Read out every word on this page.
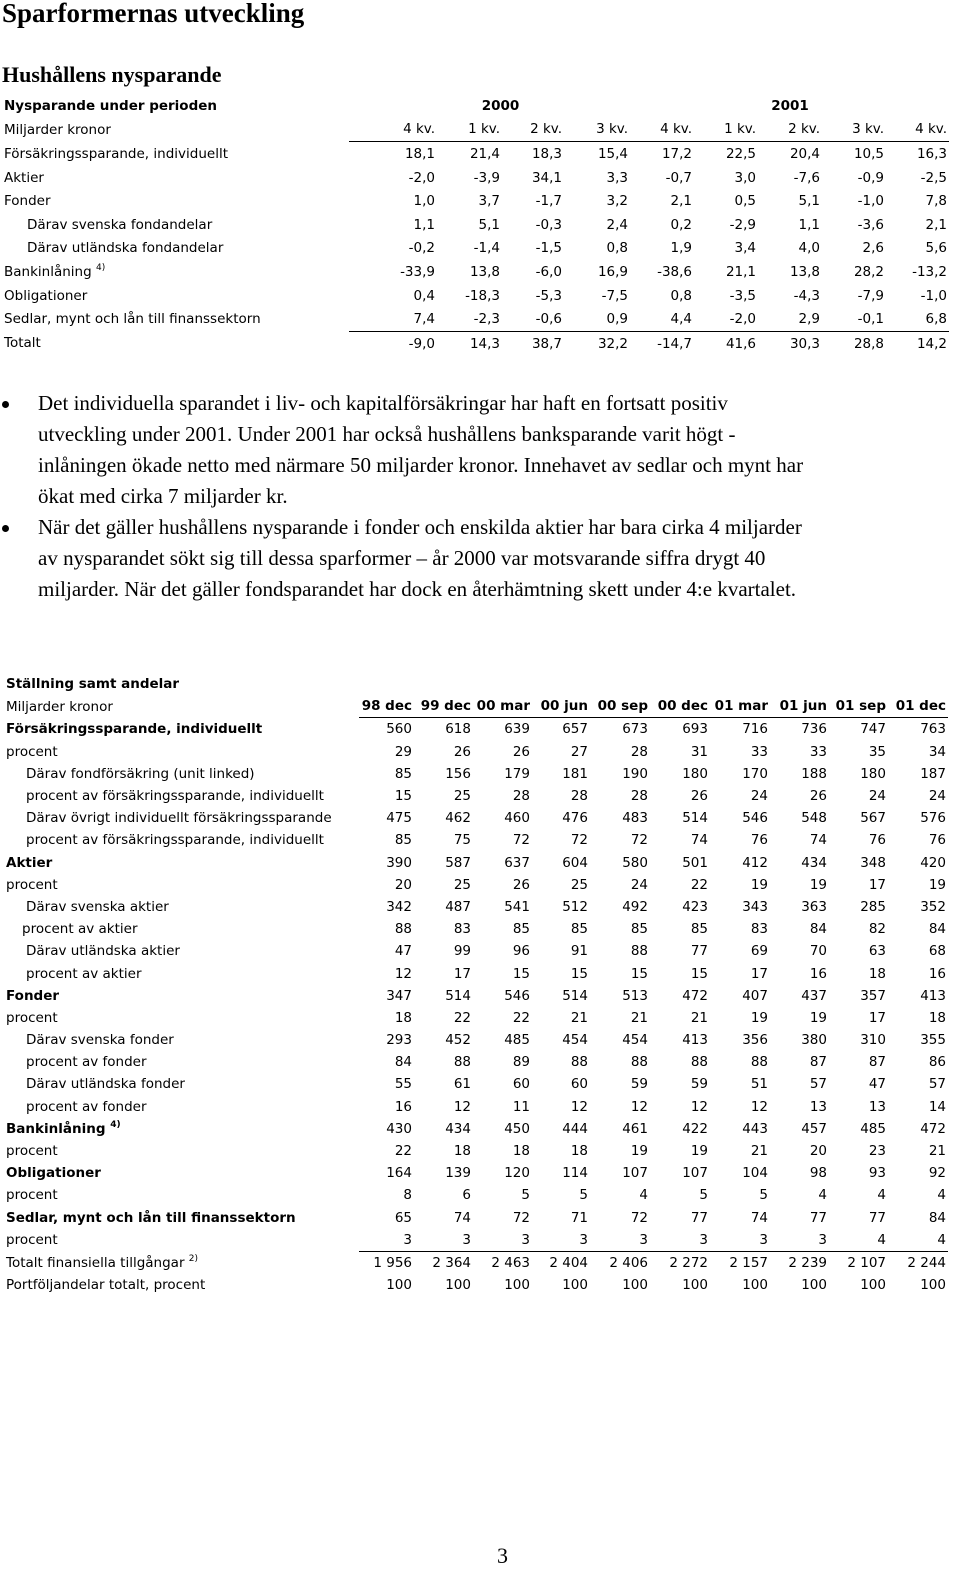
Sparformernas utveckling
Hushållens nysparande
Nysparande under perioden		2000					2001		
Miljarder kronor	4 kv.	1 kv.	2 kv.	3 kv.	4 kv.	1 kv.	2 kv.	3 kv.	4 kv.
Försäkringssparande, individuellt	18,1	21,4	18,3	15,4	17,2	22,5	20,4	10,5	16,3
Aktier	-2,0	-3,9	34,1	3,3	-0,7	3,0	-7,6	-0,9	-2,5
Fonder	1,0	3,7	-1,7	3,2	2,1	0,5	5,1	-1,0	7,8
Därav svenska fondandelar	1,1	5,1	-0,3	2,4	0,2	-2,9	1,1	-3,6	2,1
Därav utländska fondandelar	-0,2	-1,4	-1,5	0,8	1,9	3,4	4,0	2,6	5,6
Bankinlåning $^{4)}$	-33,9	13,8	-6,0	16,9	-38,6	21,1	13,8	28,2	-13,2
Obligationer	0,4	-18,3	-5,3	-7,5	0,8	-3,5	-4,3	-7,9	-1,0
Sedlar, mynt och lån till finanssektorn	7,4	-2,3	-0,6	0,9	4,4	-2,0	2,9	-0,1	6,8
Totalt	-9,0	14,3	38,7	32,2	-14,7	41,6	30,3	28,8	14,2
Det individuella sparandet i liv- och kapitalförsäkringar har haft en fortsatt positiv utveckling under 2001. Under 2001 har också hushållens banksparande varit högt - inlåningen ökade netto med närmare 50 miljarder kronor. Innehavet av sedlar och mynt har ökat med cirka 7 miljarder kr.
När det gäller hushållens nysparande i fonder och enskilda aktier har bara cirka 4 miljarder av nysparandet sökt sig till dessa sparformer – år 2000 var motsvarande siffra drygt 40 miljarder. När det gäller fondsparandet har dock en återhämtning skett under 4:e kvartalet.
Ställning samt andelar										
Miljarder kronor	98 dec	99 dec	00 mar	00 jun	00 sep	00 dec	01 mar	01 jun	01 sep	01 dec
Försäkringssparande, individuellt	560	618	639	657	673	693	716	736	747	763
procent	29	26	26	27	28	31	33	33	35	34
Därav fondförsäkring (unit linked)	85	156	179	181	190	180	170	188	180	187
procent av försäkringssparande, individuellt	15	25	28	28	28	26	24	26	24	24
Därav övrigt individuellt försäkringssparande	475	462	460	476	483	514	546	548	567	576
procent av försäkringssparande, individuellt	85	75	72	72	72	74	76	74	76	76
Aktier	390	587	637	604	580	501	412	434	348	420
procent	20	25	26	25	24	22	19	19	17	19
Därav svenska aktier	342	487	541	512	492	423	343	363	285	352
procent av aktier	88	83	85	85	85	85	83	84	82	84
Därav utländska aktier	47	99	96	91	88	77	69	70	63	68
procent av aktier	12	17	15	15	15	15	17	16	18	16
Fonder	347	514	546	514	513	472	407	437	357	413
procent	18	22	22	21	21	21	19	19	17	18
Därav svenska fonder	293	452	485	454	454	413	356	380	310	355
procent av fonder	84	88	89	88	88	88	88	87	87	86
Därav utländska fonder	55	61	60	60	59	59	51	57	47	57
procent av fonder	16	12	11	12	12	12	12	13	13	14
Bankinlåning $^{4)}$	430	434	450	444	461	422	443	457	485	472
procent	22	18	18	18	19	19	21	20	23	21
Obligationer	164	139	120	114	107	107	104	98	93	92
procent	8	6	5	5	4	5	5	4	4	4
Sedlar, mynt och lån till finanssektorn	65	74	72	71	72	77	74	77	77	84
procent	3	3	3	3	3	3	3	3	4	4
Totalt finansiella tillgångar $^{2)}$	1 956	2 364	2 463	2 404	2 406	2 272	2 157	2 239	2 107	2 244
Portföljandelar totalt, procent	100	100	100	100	100	100	100	100	100	100
3
